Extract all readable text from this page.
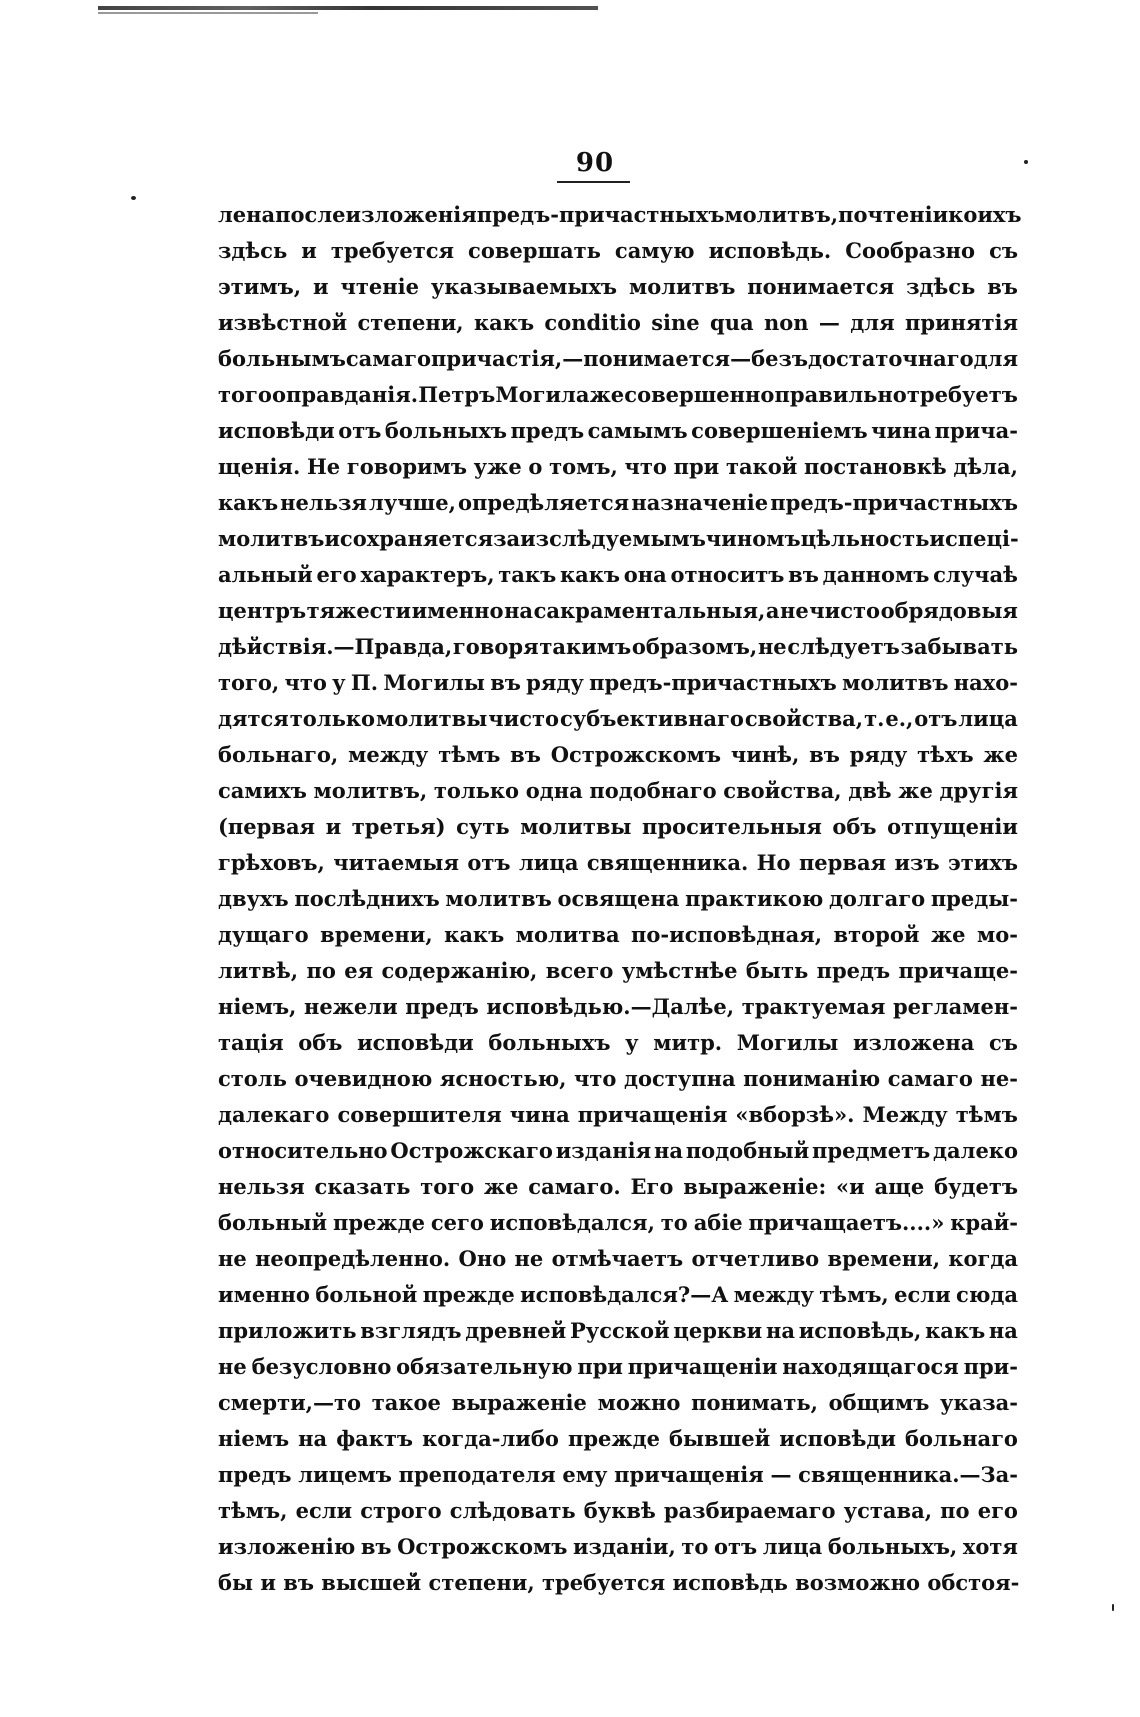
90
лена после изложенія предъ-причастныхъ молитвъ, по чтеніи коихъ
здѣсь и требуется совершать самую исповѣдь. Сообразно съ
этимъ, и чтеніе указываемыхъ молитвъ понимается здѣсь въ
извѣстной степени, какъ conditio sine qua non — для принятія
больнымъ самаго причастія,—понимается—безъ достаточнаго для
того оправданія. Петръ Могила же совершенно правильно требуетъ
исповѣди отъ больныхъ предъ самымъ совершеніемъ чина прича-
щенія. Не говоримъ уже о томъ, что при такой постановкѣ дѣла,
какъ нельзя лучше, опредѣляется назначеніе предъ-причастныхъ
молитвъ и сохраняется за изслѣдуемымъ чиномъ цѣльность и спеці-
альный его характеръ, такъ какъ она относитъ въ данномъ случаѣ
центръ тяжести именно на сакраментальныя, а не чисто обрядовыя
дѣйствія.—Правда, говоря такимъ образомъ, не слѣдуетъ забывать
того, что у П. Могилы въ ряду предъ-причастныхъ молитвъ нахо-
дятся только молитвы чисто субъективнаго свойства, т. е., отъ лица
больнаго, между тѣмъ въ Острожскомъ чинѣ, въ ряду тѣхъ же
самихъ молитвъ, только одна подобнаго свойства, двѣ же другія
(первая и третья) суть молитвы просительныя объ отпущеніи
грѣховъ, читаемыя отъ лица священника. Но первая изъ этихъ
двухъ послѣднихъ молитвъ освящена практикою долгаго преды-
дущаго времени, какъ молитва по-исповѣдная, второй же мо-
литвѣ, по ея содержанію, всего умѣстнѣе быть предъ причаще-
ніемъ, нежели предъ исповѣдью.—Далѣе, трактуемая регламен-
тація объ исповѣди больныхъ у митр. Могилы изложена съ
столь очевидною ясностью, что доступна пониманію самаго не-
далекаго совершителя чина причащенія «вборзѣ». Между тѣмъ
относительно Острожскаго изданія на подобный предметъ далеко
нельзя сказать того же самаго. Его выраженіе: «и аще будетъ
больный прежде сего исповѣдался, то абіе причащаетъ....» край-
не неопредѣленно. Оно не отмѣчаетъ отчетливо времени, когда
именно больной прежде исповѣдался?—А между тѣмъ, если сюда
приложить взглядъ древней Русской церкви на исповѣдь, какъ на
не безусловно обязательную при причащеніи находящагося при-
смерти,—то такое выраженіе можно понимать, общимъ указа-
ніемъ на фактъ когда-либо прежде бывшей исповѣди больнаго
предъ лицемъ преподателя ему причащенія — священника.—За-
тѣмъ, если строго слѣдовать буквѣ разбираемаго устава, по его
изложенію въ Острожскомъ изданіи, то отъ лица больныхъ, хотя
бы
и
въ
высшей
степени,
требуется
исповѣдь
возможно
обстоя-
